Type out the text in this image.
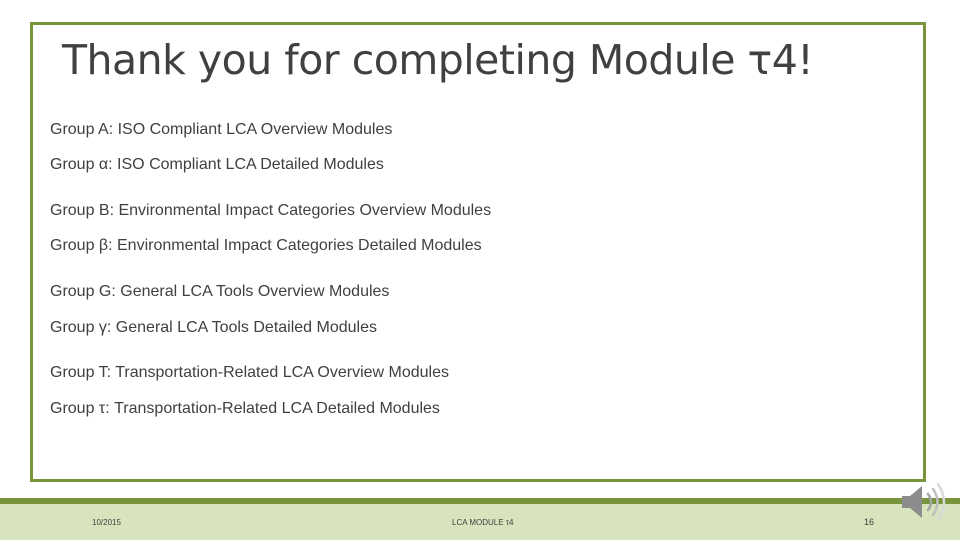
Thank you for completing Module τ4!
Group A: ISO Compliant LCA Overview Modules
Group α: ISO Compliant LCA Detailed Modules
Group B: Environmental Impact Categories Overview Modules
Group β: Environmental Impact Categories Detailed Modules
Group G: General LCA Tools Overview Modules
Group γ: General LCA Tools Detailed Modules
Group T: Transportation-Related LCA Overview Modules
Group τ: Transportation-Related LCA Detailed Modules
10/2015	LCA MODULE τ4	16
